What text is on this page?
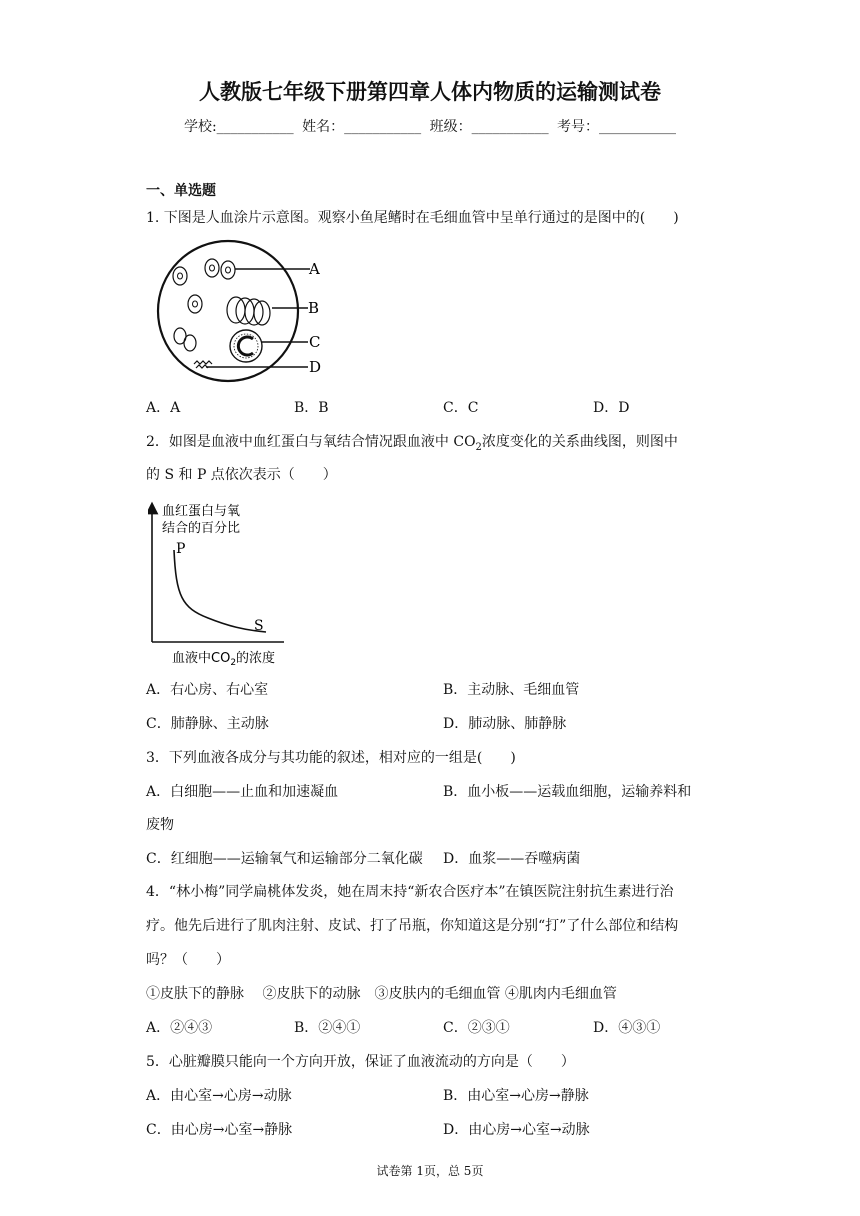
人教版七年级下册第四章人体内物质的运输测试卷
学校:___________ 姓名：___________ 班级：___________ 考号：___________
一、单选题
1. 下图是人血涂片示意图。观察小鱼尾鳍时在毛细血管中呈单行通过的是图中的(　　)
A
B
C
D
A．A	B．B	C．C	D．D
2．如图是血液中血红蛋白与氧结合情况跟血液中 $CO_2$浓度变化的关系曲线图，则图中
的 S 和 P 点依次表示（　　）
血红蛋白与氧
结合的百分比
P
S
血液中$CO_2$的浓度
A．右心房、右心室	B．主动脉、毛细血管
C．肺静脉、主动脉	D．肺动脉、肺静脉
3．下列血液各成分与其功能的叙述，相对应的一组是(　　)
A．白细胞——止血和加速凝血	B．血小板——运载血细胞，运输养料和
废物
C．红细胞——运输氧气和运输部分二氧化碳 D．血浆——吞噬病菌
4．“林小梅”同学扁桃体发炎，她在周末持“新农合医疗本”在镇医院注射抗生素进行治
疗。他先后进行了肌肉注射、皮试、打了吊瓶，你知道这是分别“打”了什么部位和结构
吗？（　　）
①皮肤下的静脉　 ②皮肤下的动脉　③皮肤内的毛细血管 ④肌肉内毛细血管
A．②④③	B．②④①	C．②③①	D．④③①
5．心脏瓣膜只能向一个方向开放，保证了血液流动的方向是（　　）
A．由心室→心房→动脉	B．由心室→心房→静脉
C．由心房→心室→静脉	D．由心房→心室→动脉
试卷第 1页，总 5页
